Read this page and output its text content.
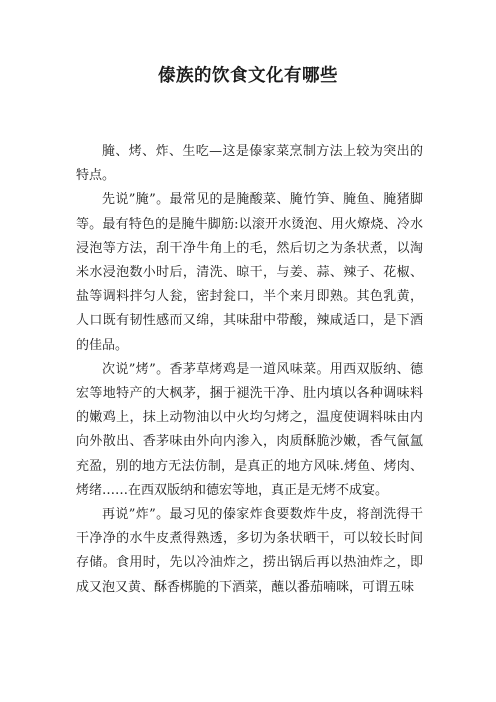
傣族的饮食文化有哪些

腌、烤、炸、生吃—这是傣家菜烹制方法上较为突出的特点。

先说”腌”。最常见的是腌酸菜、腌竹笋、腌鱼、腌猪脚等。最有特色的是腌牛脚筋:以滚开水烫泡、用火燎烧、冷水浸泡等方法，刮干净牛角上的毛，然后切之为条状煮，以淘米水浸泡数小时后，清洗、晾干，与姜、蒜、辣子、花椒、盐等调料拌匀人瓮，密封瓮口，半个来月即熟。其色乳黄，人口既有韧性感而又绵，其味甜中带酸，辣咸适口，是下酒的佳品。

次说”烤”。香茅草烤鸡是一道风味菜。用西双版纳、德宏等地特产的大枫茅，捆于褪洗干净、肚内填以各种调味料的嫩鸡上，抹上动物油以中火均匀烤之，温度使调料味由内向外散出、香茅味由外向内渗入，肉质酥脆沙嫩，香气氤氲充盈，别的地方无法仿制，是真正的地方风味.烤鱼、烤肉、烤绪……在西双版纳和德宏等地，真正是无烤不成宴。

再说”炸”。最习见的傣家炸食要数炸牛皮，将剖洗得干干净净的水牛皮煮得熟透，多切为条状晒干，可以较长时间存储。食用时，先以冷油炸之，捞出锅后再以热油炸之，即成又泡又黄、酥香梆脆的下酒菜，蘸以番茄喃咪，可谓五味
